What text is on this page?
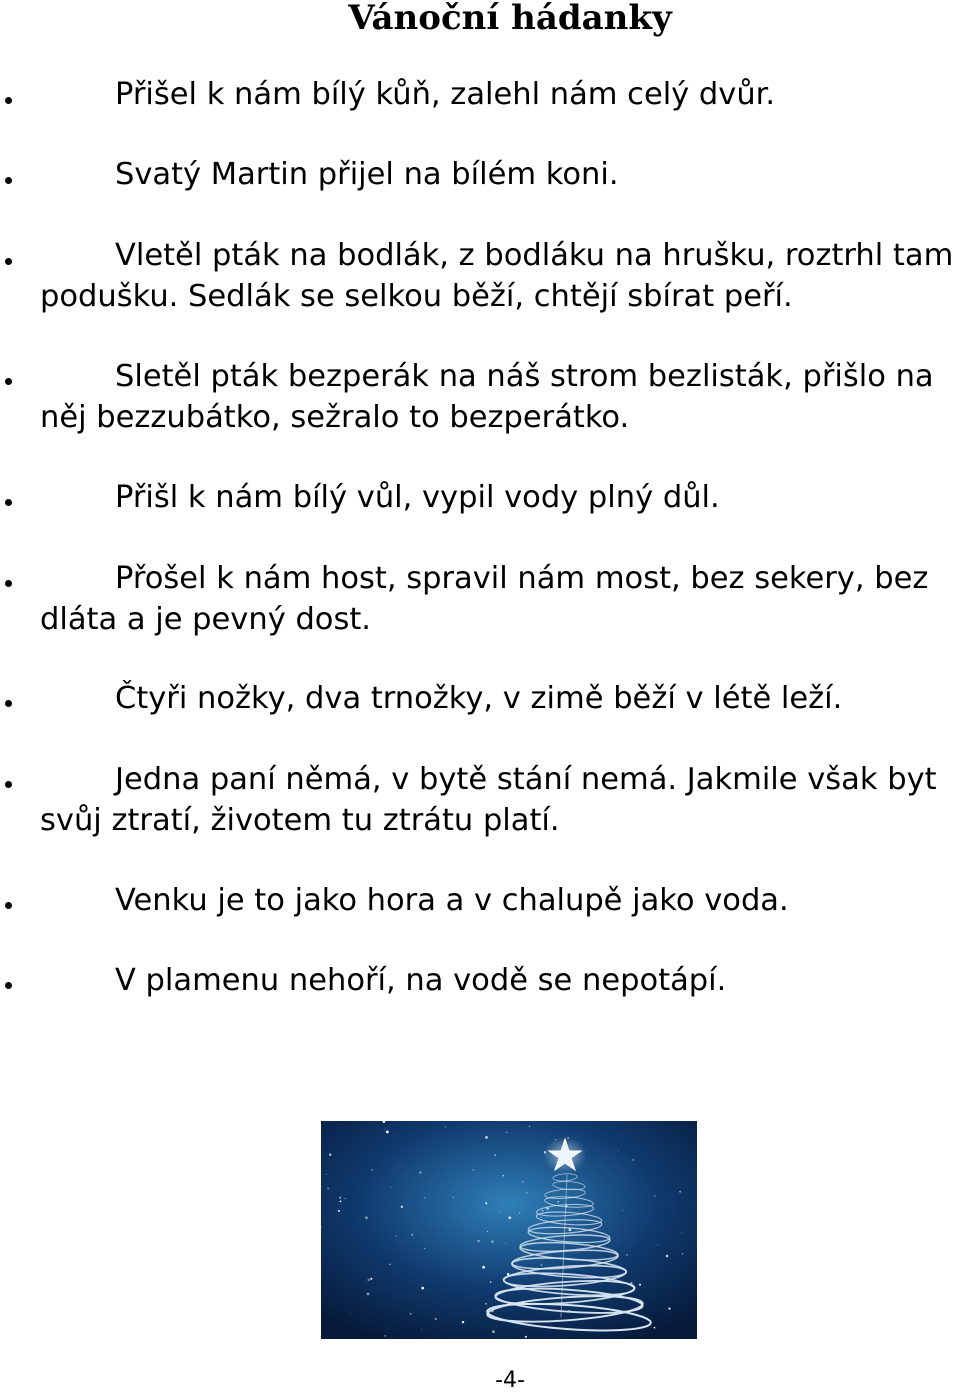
Vánoční hádanky
Přišel k nám bílý kůň, zalehl nám celý dvůr.
Svatý Martin přijel na bílém koni.
Vletěl pták na bodlák, z bodláku na hrušku, roztrhl tam podušku. Sedlák se selkou běží, chtějí sbírat peří.
Sletěl pták bezperák na náš strom bezlisták, přišlo na něj bezzubátko, sežralo to bezperátko.
Přišl k nám bílý vůl, vypil vody plný důl.
Přošel k nám host, spravil nám most, bez sekery, bez dláta a je pevný dost.
Čtyři nožky, dva trnožky, v zimě běží v létě leží.
Jedna paní němá, v bytě stání nemá. Jakmile však byt svůj ztratí, životem tu ztrátu platí.
Venku je to jako hora a v chalupě jako voda.
V plamenu nehoří, na vodě se nepotápí.
-4-
